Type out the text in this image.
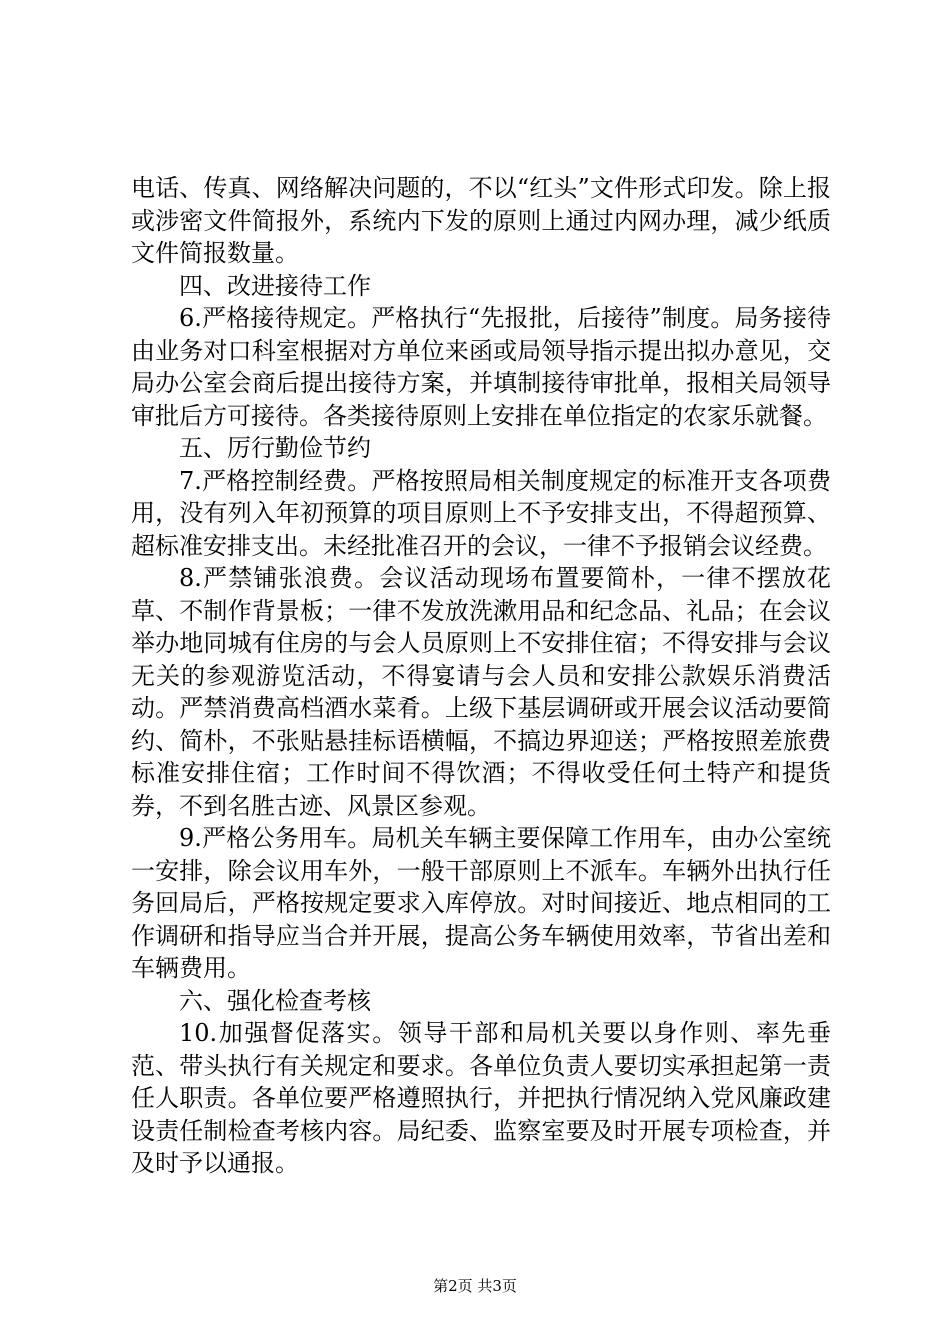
电话、传真、网络解决问题的，不以“红头”文件形式印发。除上报或涉密文件简报外，系统内下发的原则上通过内网办理，减少纸质文件简报数量。

四、改进接待工作

6.严格接待规定。严格执行“先报批，后接待”制度。局务接待由业务对口科室根据对方单位来函或局领导指示提出拟办意见，交局办公室会商后提出接待方案，并填制接待审批单，报相关局领导审批后方可接待。各类接待原则上安排在单位指定的农家乐就餐。

五、厉行勤俭节约

7.严格控制经费。严格按照局相关制度规定的标准开支各项费用，没有列入年初预算的项目原则上不予安排支出，不得超预算、超标准安排支出。未经批准召开的会议，一律不予报销会议经费。

8.严禁铺张浪费。会议活动现场布置要简朴，一律不摆放花草、不制作背景板；一律不发放洗漱用品和纪念品、礼品；在会议举办地同城有住房的与会人员原则上不安排住宿；不得安排与会议无关的参观游览活动，不得宴请与会人员和安排公款娱乐消费活动。严禁消费高档酒水菜肴。上级下基层调研或开展会议活动要简约、简朴，不张贴悬挂标语横幅，不搞边界迎送；严格按照差旅费标准安排住宿；工作时间不得饮酒；不得收受任何土特产和提货券，不到名胜古迹、风景区参观。

9.严格公务用车。局机关车辆主要保障工作用车，由办公室统一安排，除会议用车外，一般干部原则上不派车。车辆外出执行任务回局后，严格按规定要求入库停放。对时间接近、地点相同的工作调研和指导应当合并开展，提高公务车辆使用效率，节省出差和车辆费用。

六、强化检查考核

10.加强督促落实。领导干部和局机关要以身作则、率先垂范、带头执行有关规定和要求。各单位负责人要切实承担起第一责任人职责。各单位要严格遵照执行，并把执行情况纳入党风廉政建设责任制检查考核内容。局纪委、监察室要及时开展专项检查，并及时予以通报。

第2页 共3页
